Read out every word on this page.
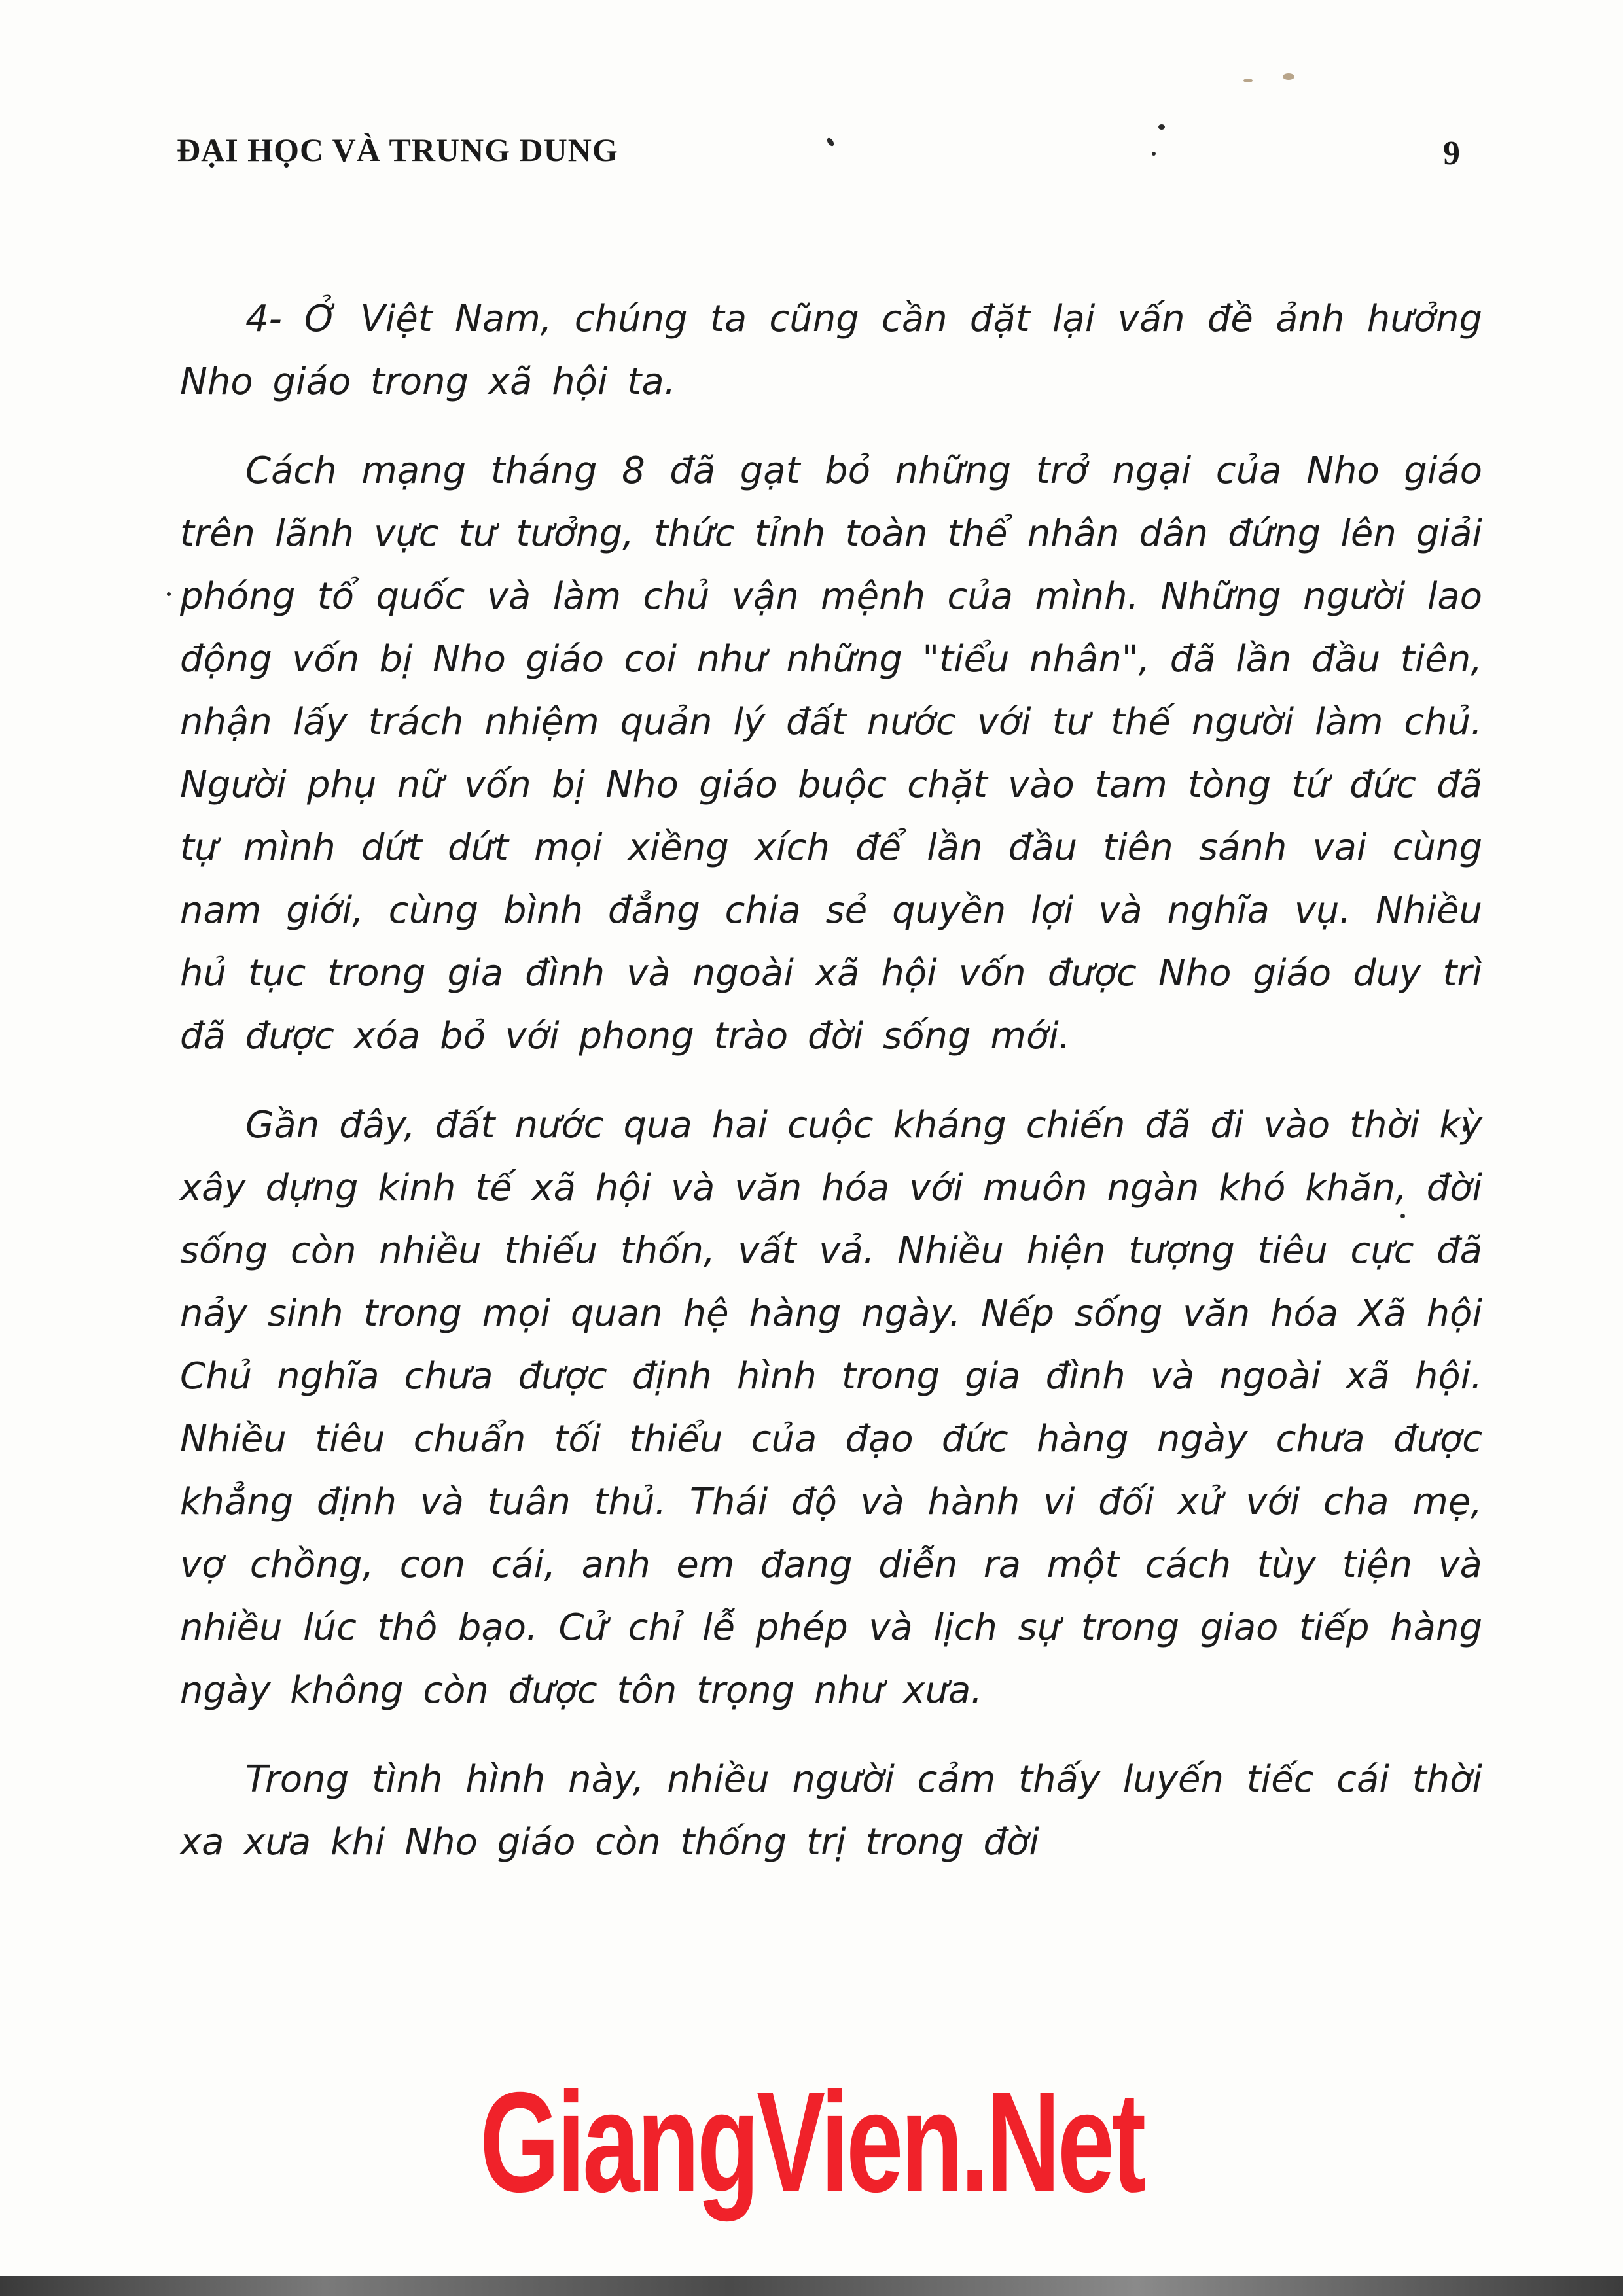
ĐẠI HỌC VÀ TRUNG DUNG	9

4- Ở Việt Nam, chúng ta cũng cần đặt lại vấn đề ảnh hưởng Nho giáo trong xã hội ta.

Cách mạng tháng 8 đã gạt bỏ những trở ngại của Nho giáo trên lãnh vực tư tưởng, thức tỉnh toàn thể nhân dân đứng lên giải phóng tổ quốc và làm chủ vận mệnh của mình. Những người lao động vốn bị Nho giáo coi như những "tiểu nhân", đã lần đầu tiên, nhận lấy trách nhiệm quản lý đất nước với tư thế người làm chủ. Người phụ nữ vốn bị Nho giáo buộc chặt vào tam tòng tứ đức đã tự mình dứt dứt mọi xiềng xích để lần đầu tiên sánh vai cùng nam giới, cùng bình đẳng chia sẻ quyền lợi và nghĩa vụ. Nhiều hủ tục trong gia đình và ngoài xã hội vốn được Nho giáo duy trì đã được xóa bỏ với phong trào đời sống mới.

Gần đây, đất nước qua hai cuộc kháng chiến đã đi vào thời kỳ xây dựng kinh tế xã hội và văn hóa với muôn ngàn khó khăn, đời sống còn nhiều thiếu thốn, vất vả. Nhiều hiện tượng tiêu cực đã nảy sinh trong mọi quan hệ hàng ngày. Nếp sống văn hóa Xã hội Chủ nghĩa chưa được định hình trong gia đình và ngoài xã hội. Nhiều tiêu chuẩn tối thiểu của đạo đức hàng ngày chưa được khẳng định và tuân thủ. Thái độ và hành vi đối xử với cha mẹ, vợ chồng, con cái, anh em đang diễn ra một cách tùy tiện và nhiều lúc thô bạo. Cử chỉ lễ phép và lịch sự trong giao tiếp hàng ngày không còn được tôn trọng như xưa.

Trong tình hình này, nhiều người cảm thấy luyến tiếc cái thời xa xưa khi Nho giáo còn thống trị trong đời

GiangVien.Net
